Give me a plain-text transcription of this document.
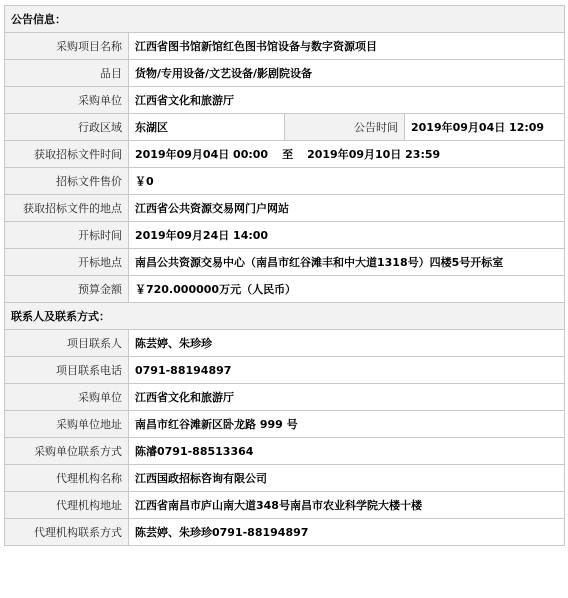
公告信息：			
采购项目名称	江西省图书馆新馆红色图书馆设备与数字资源项目		
品目	货物/专用设备/文艺设备/影剧院设备		
采购单位	江西省文化和旅游厅		
行政区域	东湖区	公告时间	2019年09月04日 12:09
获取招标文件时间	2019年09月04日 00:00 至 2019年09月10日 23:59		
招标文件售价	￥0		
获取招标文件的地点	江西省公共资源交易网门户网站		
开标时间	2019年09月24日 14:00		
开标地点	南昌公共资源交易中心（南昌市红谷滩丰和中大道1318号）四楼5号开标室		
预算金额	￥720.000000万元（人民币）		
联系人及联系方式：			
项目联系人	陈芸婷、朱珍珍		
项目联系电话	0791-88194897		
采购单位	江西省文化和旅游厅		
采购单位地址	南昌市红谷滩新区卧龙路 999 号		
采购单位联系方式	陈濬0791-88513364		
代理机构名称	江西国政招标咨询有限公司		
代理机构地址	江西省南昌市庐山南大道348号南昌市农业科学院大楼十楼		
代理机构联系方式	陈芸婷、朱珍珍0791-88194897		
